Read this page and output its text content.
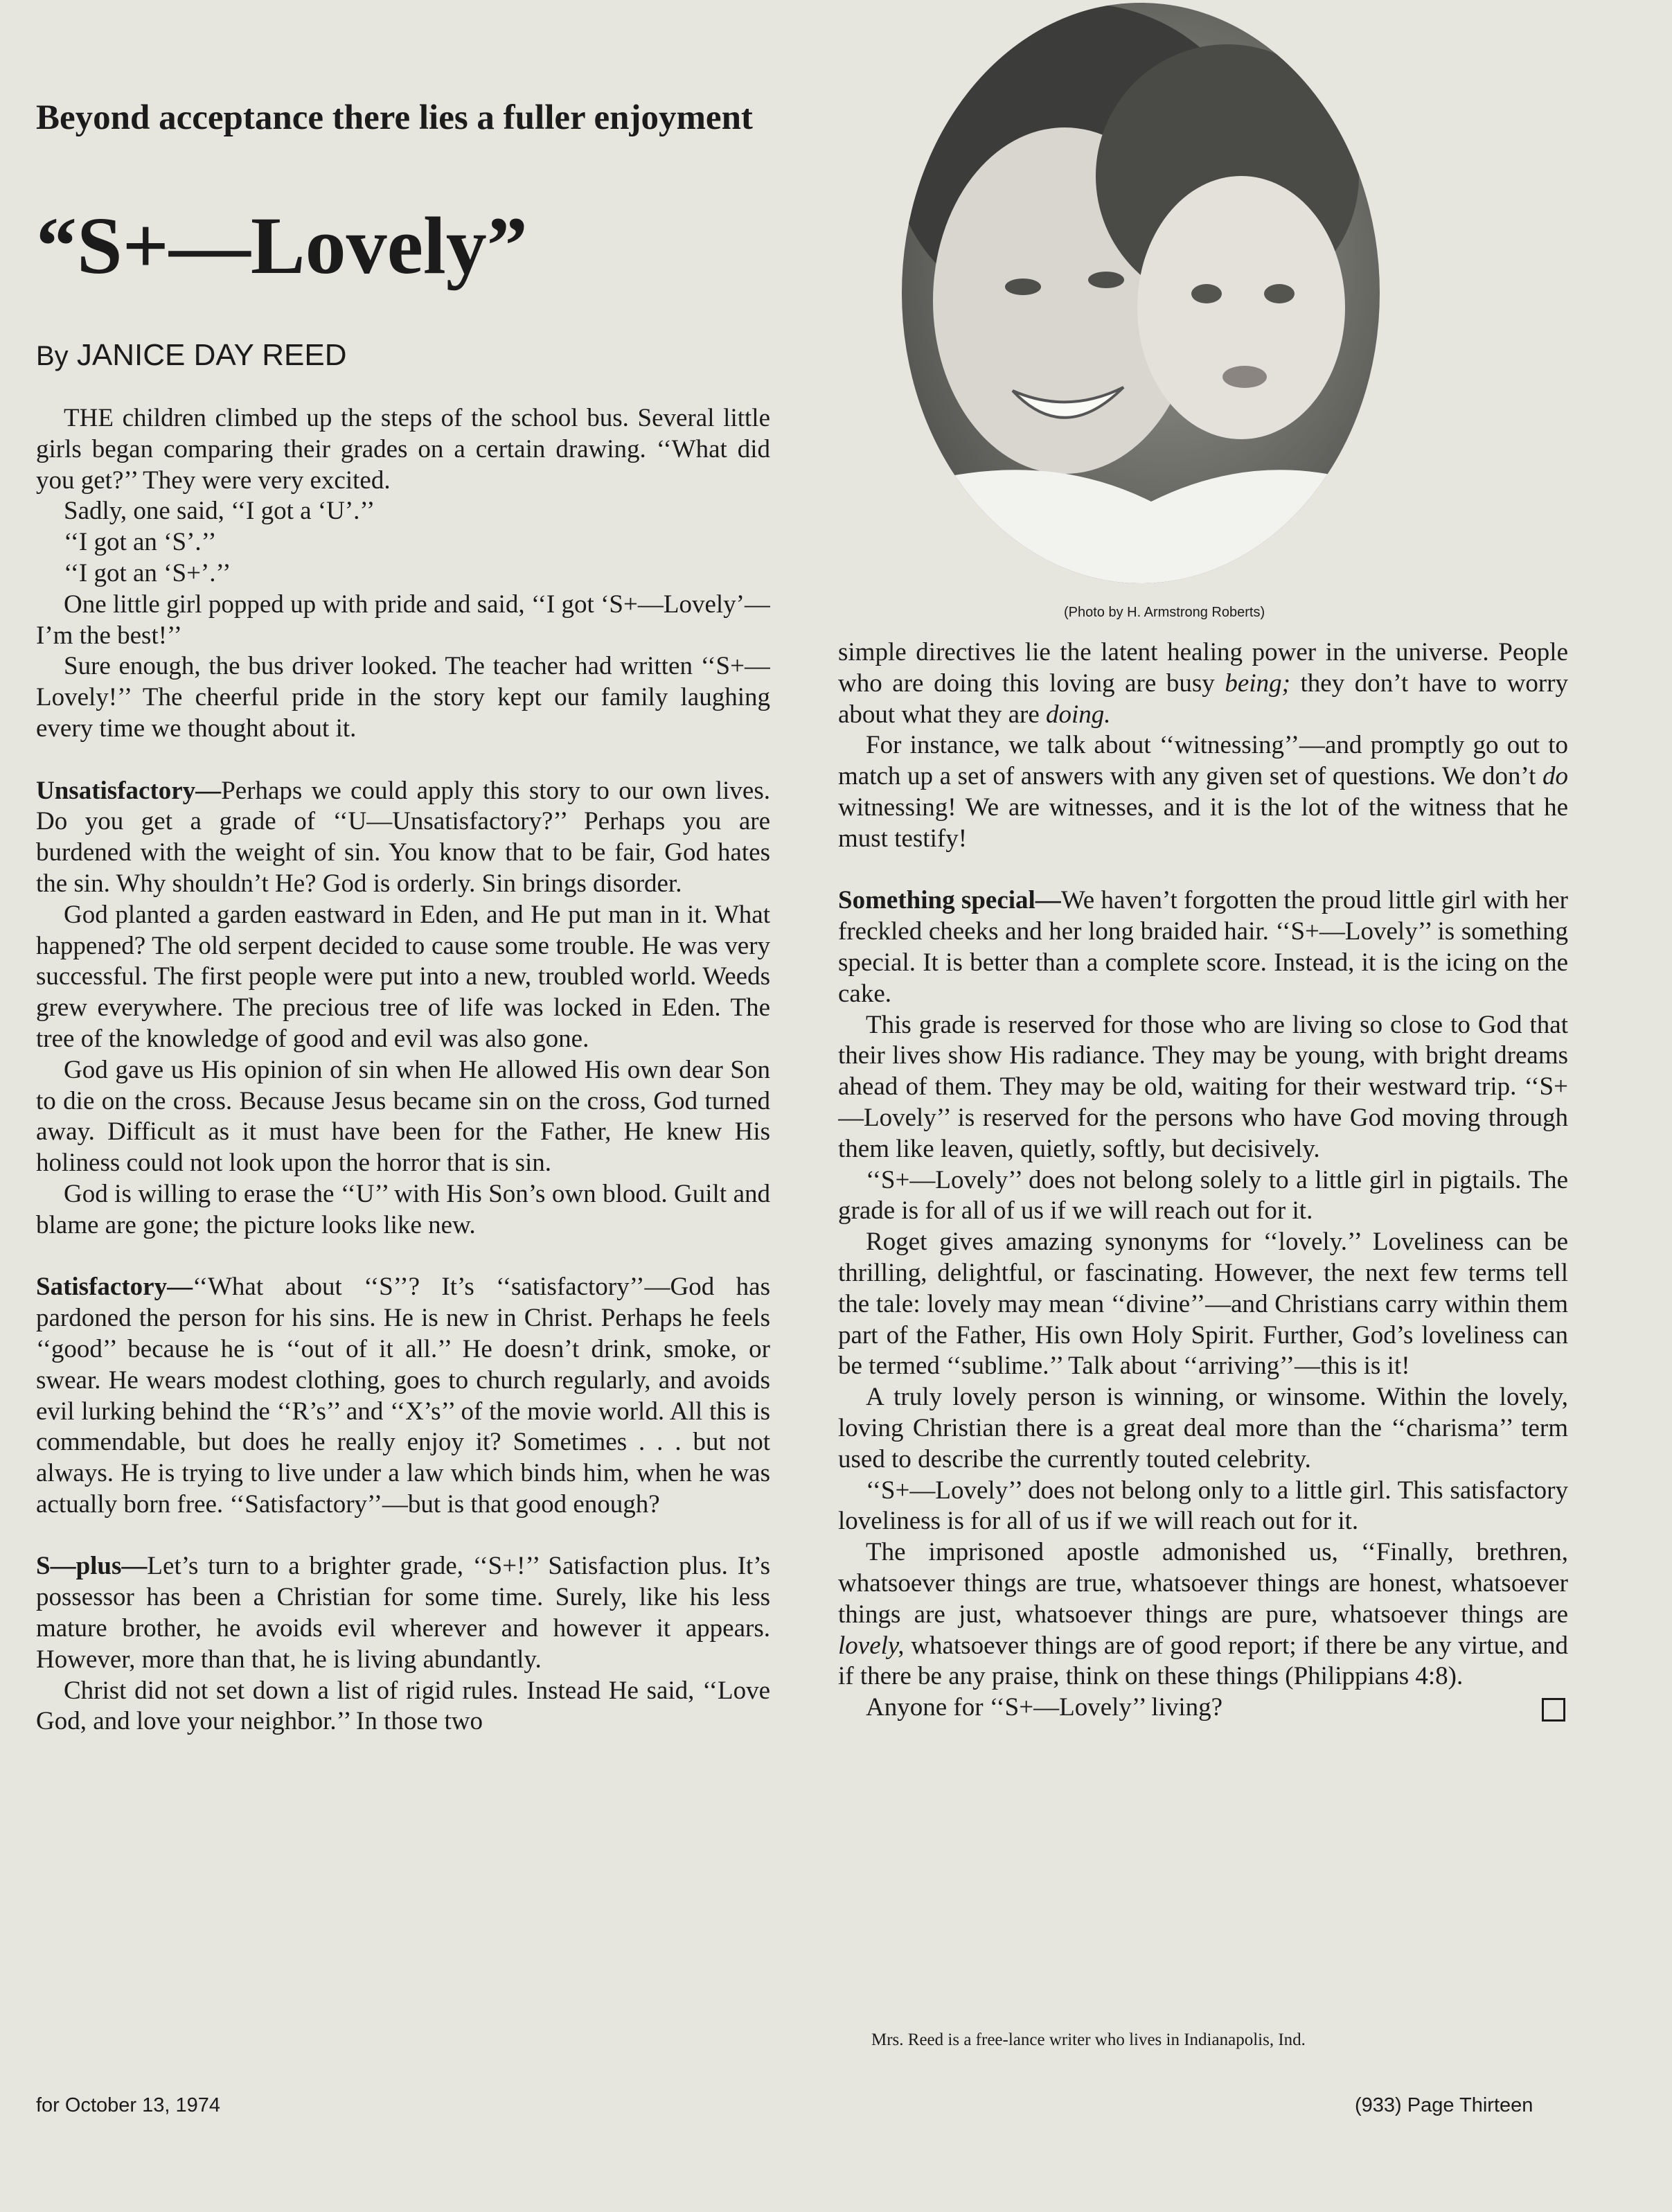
Beyond acceptance there lies a fuller enjoyment
“S+—Lovely”
By JANICE DAY REED
(Photo by H. Armstrong Roberts)

THE children climbed up the steps of the school bus. Several little girls began comparing their grades on a certain drawing. ‘‘What did you get?’’ They were very excited.

Sadly, one said, ‘‘I got a ‘U’.’’

‘‘I got an ‘S’.’’

‘‘I got an ‘S+’.’’

One little girl popped up with pride and said, ‘‘I got ‘S+—Lovely’—I’m the best!’’

Sure enough, the bus driver looked. The teacher had written ‘‘S+—Lovely!’’ The cheerful pride in the story kept our family laughing every time we thought about it.

Unsatisfactory—Perhaps we could apply this story to our own lives. Do you get a grade of ‘‘U—Unsatisfactory?’’ Perhaps you are burdened with the weight of sin. You know that to be fair, God hates the sin. Why shouldn’t He? God is orderly. Sin brings disorder.

God planted a garden eastward in Eden, and He put man in it. What happened? The old serpent decided to cause some trouble. He was very successful. The first people were put into a new, troubled world. Weeds grew everywhere. The precious tree of life was locked in Eden. The tree of the knowledge of good and evil was also gone.

God gave us His opinion of sin when He allowed His own dear Son to die on the cross. Because Jesus became sin on the cross, God turned away. Difficult as it must have been for the Father, He knew His holiness could not look upon the horror that is sin.

God is willing to erase the ‘‘U’’ with His Son’s own blood. Guilt and blame are gone; the picture looks like new.

Satisfactory—‘‘What about ‘‘S’’? It’s ‘‘satisfactory’’—God has pardoned the person for his sins. He is new in Christ. Perhaps he feels ‘‘good’’ because he is ‘‘out of it all.’’ He doesn’t drink, smoke, or swear. He wears modest clothing, goes to church regularly, and avoids evil lurking behind the ‘‘R’s’’ and ‘‘X’s’’ of the movie world. All this is commendable, but does he really enjoy it? Sometimes . . . but not always. He is trying to live under a law which binds him, when he was actually born free. ‘‘Satisfactory’’—but is that good enough?

S—plus—Let’s turn to a brighter grade, ‘‘S+!’’ Satisfaction plus. It’s possessor has been a Christian for some time. Surely, like his less mature brother, he avoids evil wherever and however it appears. However, more than that, he is living abundantly.

Christ did not set down a list of rigid rules. Instead He said, ‘‘Love God, and love your neighbor.’’ In those two

simple directives lie the latent healing power in the universe. People who are doing this loving are busy being; they don’t have to worry about what they are doing.

For instance, we talk about ‘‘witnessing’’—and promptly go out to match up a set of answers with any given set of questions. We don’t do witnessing! We are witnesses, and it is the lot of the witness that he must testify!

Something special—We haven’t forgotten the proud little girl with her freckled cheeks and her long braided hair. ‘‘S+—Lovely’’ is something special. It is better than a complete score. Instead, it is the icing on the cake.

This grade is reserved for those who are living so close to God that their lives show His radiance. They may be young, with bright dreams ahead of them. They may be old, waiting for their westward trip. ‘‘S+—Lovely’’ is reserved for the persons who have God moving through them like leaven, quietly, softly, but decisively.

‘‘S+—Lovely’’ does not belong solely to a little girl in pigtails. The grade is for all of us if we will reach out for it.

Roget gives amazing synonyms for ‘‘lovely.’’ Loveliness can be thrilling, delightful, or fascinating. However, the next few terms tell the tale: lovely may mean ‘‘divine’’—and Christians carry within them part of the Father, His own Holy Spirit. Further, God’s loveliness can be termed ‘‘sublime.’’ Talk about ‘‘arriving’’—this is it!

A truly lovely person is winning, or winsome. Within the lovely, loving Christian there is a great deal more than the ‘‘charisma’’ term used to describe the currently touted celebrity.

‘‘S+—Lovely’’ does not belong only to a little girl. This satisfactory loveliness is for all of us if we will reach out for it.

The imprisoned apostle admonished us, ‘‘Finally, brethren, whatsoever things are true, whatsoever things are honest, whatsoever things are just, whatsoever things are pure, whatsoever things are lovely, whatsoever things are of good report; if there be any virtue, and if there be any praise, think on these things (Philippians 4:8).

Anyone for ‘‘S+—Lovely’’ living?

Mrs. Reed is a free-lance writer who lives in Indianapolis, Ind.
for October 13, 1974	(933) Page Thirteen
